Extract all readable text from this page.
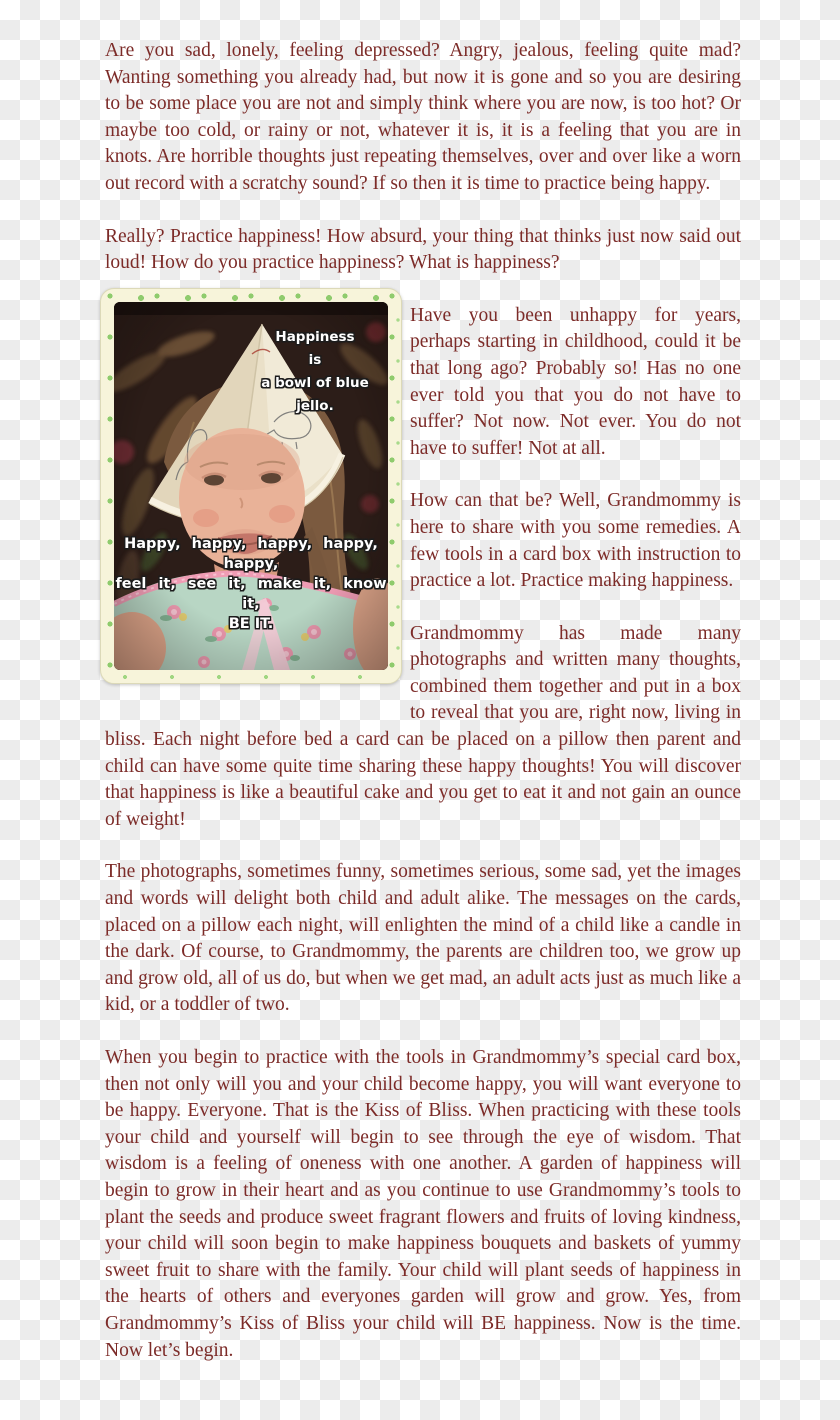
Are you sad, lonely, feeling depressed? Angry, jealous, feeling quite mad? Wanting something you already had, but now it is gone and so you are desiring to be some place you are not and simply think where you are now, is too hot? Or maybe too cold, or rainy or not, whatever it is, it is a feeling that you are in knots. Are horrible thoughts just repeating themselves, over and over like a worn out record with a scratchy sound? If so then it is time to practice being happy.

Really? Practice happiness! How absurd, your thing that thinks just now said out loud! How do you practice happiness? What is happiness?

Happiness
is
a bowl of blue jello.
Happy, happy, happy, happy, happy,
feel it, see it, make it, know it,
BE IT.

Have you been unhappy for years, perhaps starting in childhood, could it be that long ago? Probably so! Has no one ever told you that you do not have to suffer? Not now. Not ever. You do not have to suffer! Not at all.

How can that be? Well, Grandmommy is here to share with you some remedies. A few tools in a card box with instruction to practice a lot. Practice making happiness.

Grandmommy has made many photographs and written many thoughts, combined them together and put in a box to reveal that you are, right now, living in bliss. Each night before bed a card can be placed on a pillow then parent and child can have some quite time sharing these happy thoughts! You will discover that happiness is like a beautiful cake and you get to eat it and not gain an ounce of weight!

The photographs, sometimes funny, sometimes serious, some sad, yet the images and words will delight both child and adult alike. The messages on the cards, placed on a pillow each night, will enlighten the mind of a child like a candle in the dark. Of course, to Grandmommy, the parents are children too, we grow up and grow old, all of us do, but when we get mad, an adult acts just as much like a kid, or a toddler of two.

When you begin to practice with the tools in Grandmommy’s special card box, then not only will you and your child become happy, you will want everyone to be happy. Everyone. That is the Kiss of Bliss. When practicing with these tools your child and yourself will begin to see through the eye of wisdom. That wisdom is a feeling of oneness with one another. A garden of happiness will begin to grow in their heart and as you continue to use Grandmommy’s tools to plant the seeds and produce sweet fragrant flowers and fruits of loving kindness, your child will soon begin to make happiness bouquets and baskets of yummy sweet fruit to share with the family. Your child will plant seeds of happiness in the hearts of others and everyones garden will grow and grow. Yes, from Grandmommy’s Kiss of Bliss your child will BE happiness. Now is the time. Now let’s begin.
